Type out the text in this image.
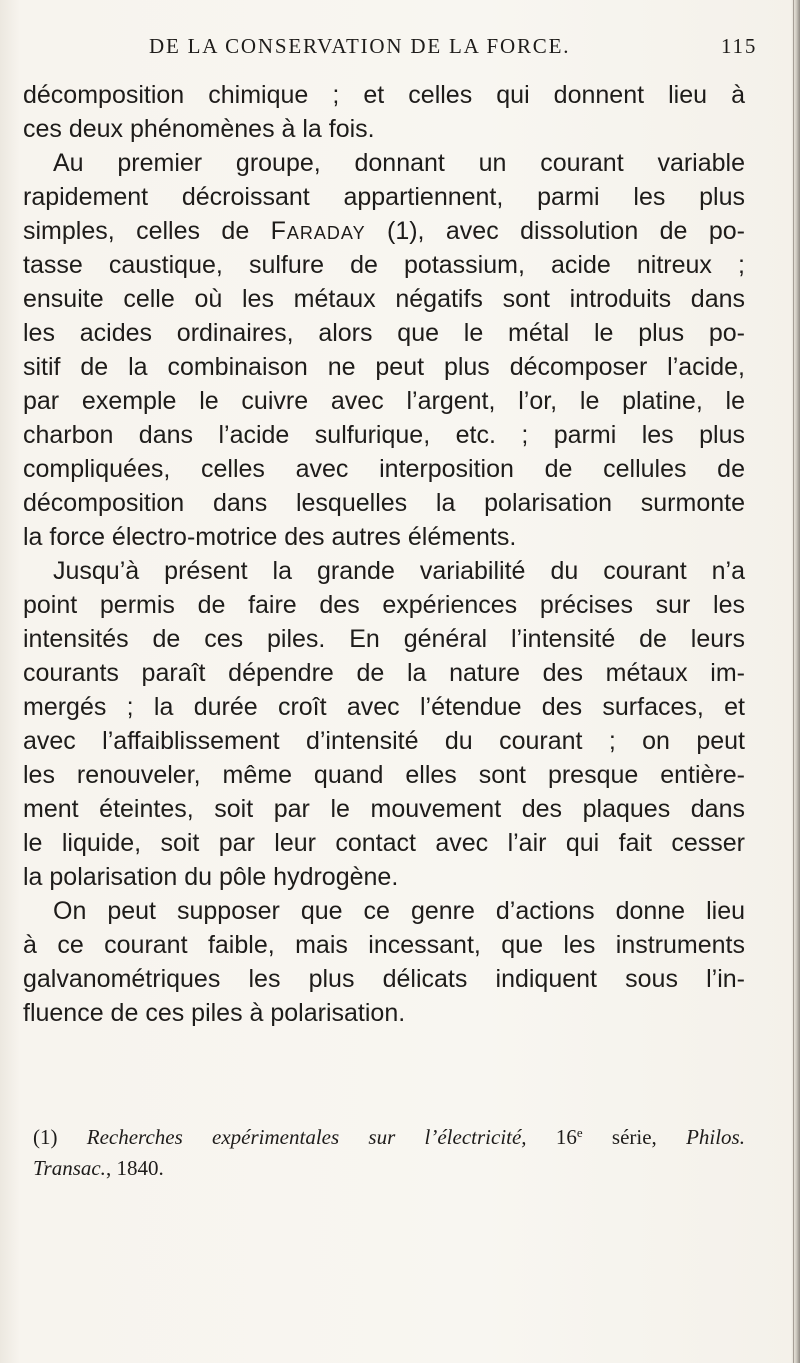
DE LA CONSERVATION DE LA FORCE.	115
décomposition chimique ; et celles qui donnent lieu à
ces deux phénomènes à la fois.
Au premier groupe, donnant un courant variable
rapidement décroissant appartiennent, parmi les plus
simples, celles de Faraday (1), avec dissolution de po-
tasse caustique, sulfure de potassium, acide nitreux ;
ensuite celle où les métaux négatifs sont introduits dans
les acides ordinaires, alors que le métal le plus po-
sitif de la combinaison ne peut plus décomposer l’acide,
par exemple le cuivre avec l’argent, l’or, le platine, le
charbon dans l’acide sulfurique, etc. ; parmi les plus
compliquées, celles avec interposition de cellules de
décomposition dans lesquelles la polarisation surmonte
la force électro-motrice des autres éléments.
Jusqu’à présent la grande variabilité du courant n’a
point permis de faire des expériences précises sur les
intensités de ces piles. En général l’intensité de leurs
courants paraît dépendre de la nature des métaux im-
mergés ; la durée croît avec l’étendue des surfaces, et
avec l’affaiblissement d’intensité du courant ; on peut
les renouveler, même quand elles sont presque entière-
ment éteintes, soit par le mouvement des plaques dans
le liquide, soit par leur contact avec l’air qui fait cesser
la polarisation du pôle hydrogène.
On peut supposer que ce genre d’actions donne lieu
à ce courant faible, mais incessant, que les instruments
galvanométriques les plus délicats indiquent sous l’in-
fluence de ces piles à polarisation.
(1) Recherches expérimentales sur l’électricité, 16e série, Philos.
Transac., 1840.
